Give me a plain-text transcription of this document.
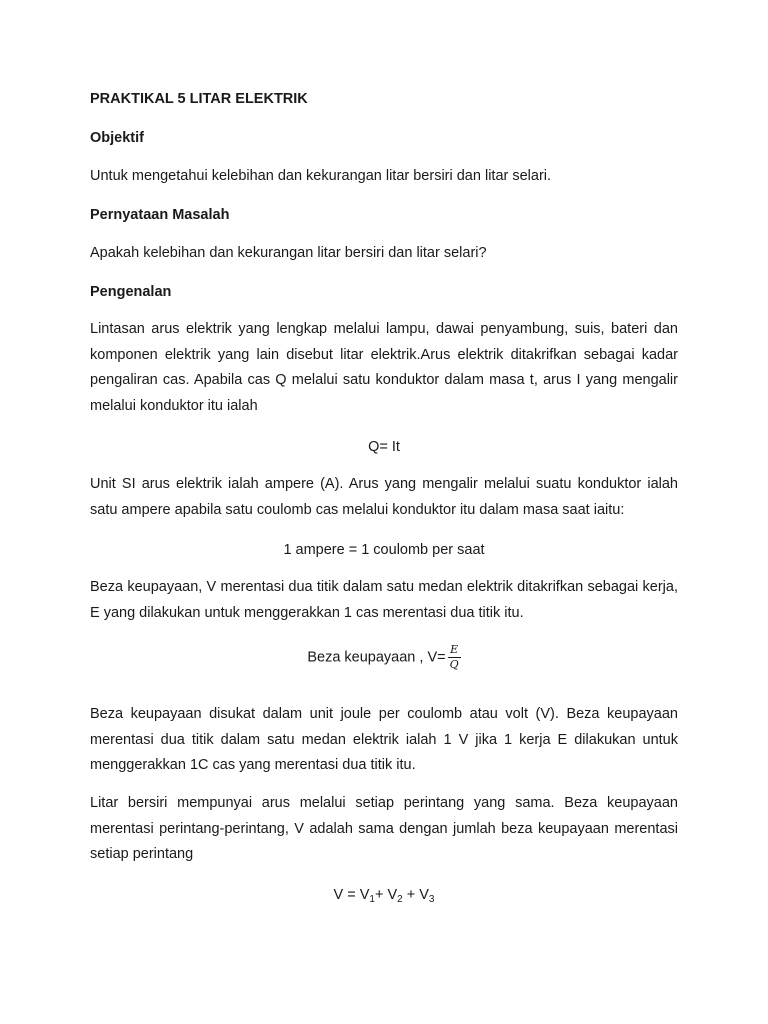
PRAKTIKAL 5 LITAR ELEKTRIK

Objektif

Untuk mengetahui kelebihan dan kekurangan litar bersiri dan litar selari.

Pernyataan Masalah

Apakah kelebihan dan kekurangan litar bersiri dan litar selari?

Pengenalan

Lintasan arus elektrik yang lengkap melalui lampu, dawai penyambung, suis, bateri dan komponen elektrik yang lain disebut litar elektrik.Arus elektrik ditakrifkan sebagai kadar pengaliran cas. Apabila cas Q melalui satu konduktor dalam masa t, arus I yang mengalir melalui konduktor itu ialah

Q= It

Unit SI arus elektrik ialah ampere (A). Arus yang mengalir melalui suatu konduktor ialah satu ampere apabila satu coulomb cas melalui konduktor itu dalam masa saat iaitu:

1 ampere = 1 coulomb per saat

Beza keupayaan, V merentasi dua titik dalam satu medan elektrik ditakrifkan sebagai kerja, E yang dilakukan untuk menggerakkan 1 cas merentasi dua titik itu.

Beza keupayaan , $V= \frac{E}{Q}$

Beza keupayaan disukat dalam unit joule per coulomb atau volt (V). Beza keupayaan merentasi dua titik dalam satu medan elektrik ialah 1 V jika 1 kerja E dilakukan untuk menggerakkan 1C cas yang merentasi dua titik itu.

Litar bersiri mempunyai arus melalui setiap perintang yang sama. Beza keupayaan merentasi perintang-perintang, V adalah sama dengan jumlah beza keupayaan merentasi setiap perintang

$V = V_1+ V_2 + V_3$
